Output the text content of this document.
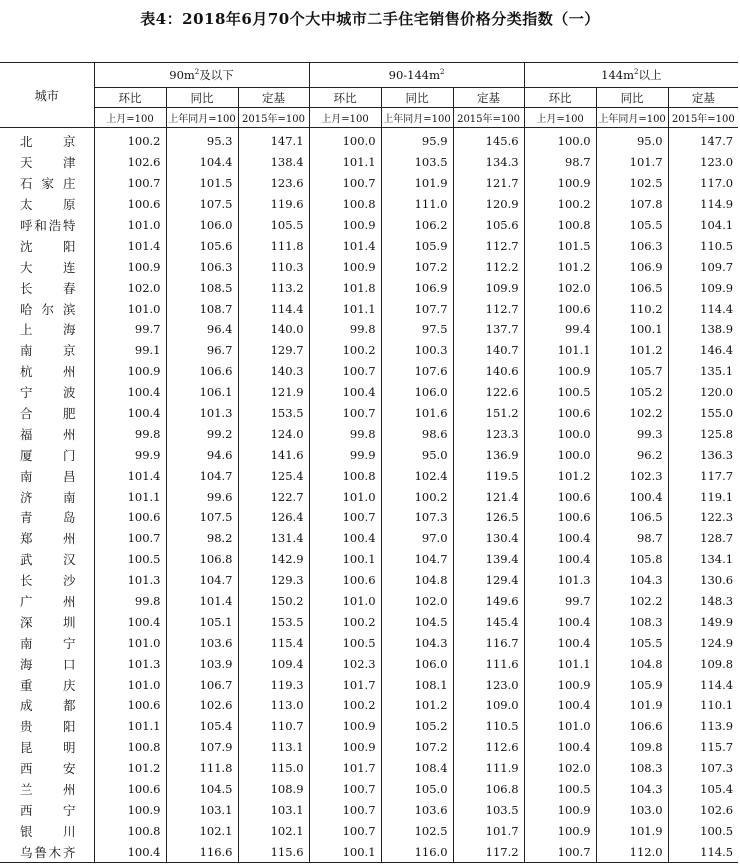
表4：2018年6月70个大中城市二手住宅销售价格分类指数（一）
城市	$90m^2$及以下			$90-144m^2$			$144m^2$以上		
	环比	同比	定基	环比	同比	定基	环比	同比	定基
	上月=100	上年同月=100	2015年=100	上月=100	上年同月=100	2015年=100	上月=100	上年同月=100	2015年=100
北京	100.2	95.3	147.1	100.0	95.9	145.6	100.0	95.0	147.7
天津	102.6	104.4	138.4	101.1	103.5	134.3	98.7	101.7	123.0
石家庄	100.7	101.5	123.6	100.7	101.9	121.7	100.9	102.5	117.0
太原	100.6	107.5	119.6	100.8	111.0	120.9	100.2	107.8	114.9
呼和浩特	101.0	106.0	105.5	100.9	106.2	105.6	100.8	105.5	104.1
沈阳	101.4	105.6	111.8	101.4	105.9	112.7	101.5	106.3	110.5
大连	100.9	106.3	110.3	100.9	107.2	112.2	101.2	106.9	109.7
长春	102.0	108.5	113.2	101.8	106.9	109.9	102.0	106.5	109.9
哈尔滨	101.0	108.7	114.4	101.1	107.7	112.7	100.6	110.2	114.4
上海	99.7	96.4	140.0	99.8	97.5	137.7	99.4	100.1	138.9
南京	99.1	96.7	129.7	100.2	100.3	140.7	101.1	101.2	146.4
杭州	100.9	106.6	140.3	100.7	107.6	140.6	100.9	105.7	135.1
宁波	100.4	106.1	121.9	100.4	106.0	122.6	100.5	105.2	120.0
合肥	100.4	101.3	153.5	100.7	101.6	151.2	100.6	102.2	155.0
福州	99.8	99.2	124.0	99.8	98.6	123.3	100.0	99.3	125.8
厦门	99.9	94.6	141.6	99.9	95.0	136.9	100.0	96.2	136.3
南昌	101.4	104.7	125.4	100.8	102.4	119.5	101.2	102.3	117.7
济南	101.1	99.6	122.7	101.0	100.2	121.4	100.6	100.4	119.1
青岛	100.6	107.5	126.4	100.7	107.3	126.5	100.6	106.5	122.3
郑州	100.7	98.2	131.4	100.4	97.0	130.4	100.4	98.7	128.7
武汉	100.5	106.8	142.9	100.1	104.7	139.4	100.4	105.8	134.1
长沙	101.3	104.7	129.3	100.6	104.8	129.4	101.3	104.3	130.6
广州	99.8	101.4	150.2	101.0	102.0	149.6	99.7	102.2	148.3
深圳	100.4	105.1	153.5	100.2	104.5	145.4	100.4	108.3	149.9
南宁	101.0	103.6	115.4	100.5	104.3	116.7	100.4	105.5	124.9
海口	101.3	103.9	109.4	102.3	106.0	111.6	101.1	104.8	109.8
重庆	101.0	106.7	119.3	101.7	108.1	123.0	100.9	105.9	114.4
成都	100.6	102.6	113.0	100.2	101.2	109.0	100.4	101.9	110.1
贵阳	101.1	105.4	110.7	100.9	105.2	110.5	101.0	106.6	113.9
昆明	100.8	107.9	113.1	100.9	107.2	112.6	100.4	109.8	115.7
西安	101.2	111.8	115.0	101.7	108.4	111.9	102.0	108.3	107.3
兰州	100.6	104.5	108.9	100.7	105.0	106.8	100.5	104.3	105.4
西宁	100.9	103.1	103.1	100.7	103.6	103.5	100.9	103.0	102.6
银川	100.8	102.1	102.1	100.7	102.5	101.7	100.9	101.9	100.5
乌鲁木齐	100.4	116.6	115.6	100.1	116.0	117.2	100.7	112.0	114.5
